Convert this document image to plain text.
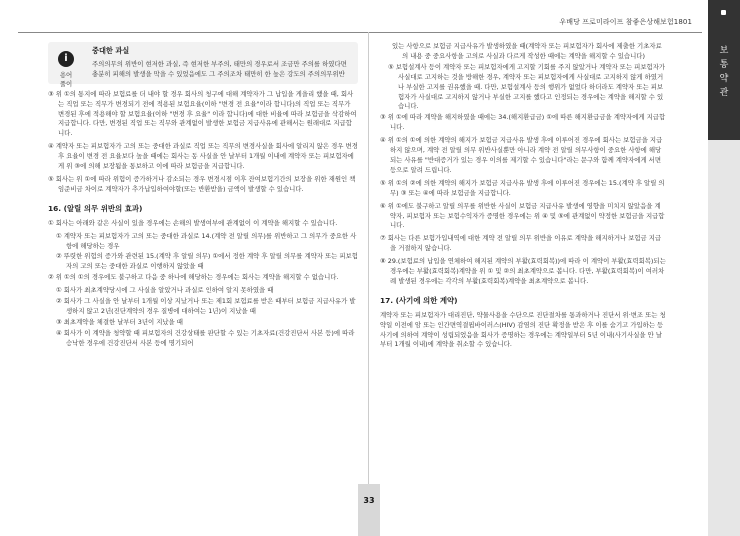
우배당 프로미라이프 참좋은상해보험1801
보
통
약
관
i
용어
풀이
중대한 과실
주의의무의 위반이 현저한 과실, 즉 현저한 부주의, 태만의 경우로서 조금만 주의를 하였다면 충분히 피해의 발생을 막을 수 있었음에도 그 주의조차 태만히 한 높은 강도의 주의의무위반
③ 위 ①의 통지에 따라 보험료를 더 내야 할 경우 회사의 청구에 대해 계약자가 그 납입을 게을리 했을 때, 회사는 직업 또는 직무가 변경되기 전에 적용된 보험요율(이하 "변경 전 요율"이라 합니다)의 직업 또는 직무가 변경된 후에 적용해야 할 보험요율(이하 "변경 후 요율" 이라 합니다)에 대한 비율에 따라 보험금을 삭감하여 지급합니다. 다만, 변경된 직업 또는 직무와 관계없이 발생한 보험금 지급사유에 관해서는 원래대로 지급합니다.
④ 계약자 또는 피보험자가 고의 또는 중대한 과실로 직업 또는 직무의 변경사실을 회사에 알리지 않은 경우 변경 후 요율이 변경 전 요율보다 높을 때에는 회사는 동 사실을 안 날부터 1개월 이내에 계약자 또는 피보험자에게 위 ③에 의해 보장됨을 통보하고 이에 따라 보험금을 지급합니다.
⑤ 회사는 위 ①에 따라 위험이 증가하거나 감소되는 경우 변경시점 이후 잔여보험기간의 보장을 위한 재원인 책임준비금 차이로 계약자가 추가납입하여야할(또는 반환받을) 금액이 발생할 수 있습니다.
16. (알릴 의무 위반의 효과)
① 회사는 아래와 같은 사실이 있을 경우에는 손해의 발생여부에 관계없이 이 계약을 해지할 수 있습니다.
① 계약자 또는 피보험자가 고의 또는 중대한 과실로 14.(계약 전 알릴 의무)를 위반하고 그 의무가 중요한 사항에 해당하는 경우
② 뚜렷한 위험의 증가와 관련된 15.(계약 후 알릴 의무) ①에서 정한 계약 후 알릴 의무를 계약자 또는 피보험자의 고의 또는 중대한 과실로 이행하지 않았을 때
② 위 ①의 ①의 경우에도 불구하고 다음 중 하나에 해당하는 경우에는 회사는 계약을 해지할 수 없습니다.
① 회사가 최초계약당시에 그 사실을 알았거나 과실로 인하여 알지 못하였을 때
② 회사가 그 사실을 안 날부터 1개월 이상 지났거나 또는 제1회 보험료를 받은 때부터 보험금 지급사유가 발생하지 않고 2년(진단계약의 경우 질병에 대하여는 1년)이 지났을 때
③ 최초계약을 체결한 날부터 3년이 지났을 때
④ 회사가 이 계약을 청약할 때 피보험자의 건강상태를 판단할 수 있는 기초자료(건강진단서 사본 등)에 따라 승낙한 경우에 건강진단서 사본 등에 명기되어
있는 사항으로 보험금 지급사유가 발생하였을 때(계약자 또는 피보험자가 회사에 제출한 기초자료의 내용 중 중요사항을 고의로 사실과 다르게 작성한 때에는 계약을 해지할 수 있습니다)
⑤ 보험설계사 등이 계약자 또는 피보험자에게 고지할 기회를 주지 않았거나 계약자 또는 피보험자가 사실대로 고지하는 것을 방해한 경우, 계약자 또는 피보험자에게 사실대로 고지하지 않게 하였거나 부실한 고지를 권유했을 때. 다만, 보험설계사 등의 행위가 없었다 하더라도 계약자 또는 피보험자가 사실대로 고지하지 않거나 부실한 고지를 했다고 인정되는 경우에는 계약을 해지할 수 있습니다.
③ 위 ①에 따라 계약을 해지하였을 때에는 34.(해지환급금) ①에 따른 해지환급금을 계약자에게 지급합니다.
④ 위 ①의 ①에 의한 계약의 해지가 보험금 지급사유 발생 후에 이루어진 경우에 회사는 보험금을 지급하지 않으며, 계약 전 알릴 의무 위반사실뿐만 아니라 계약 전 알릴 의무사항이 중요한 사항에 해당되는 사유를 "반대증거가 있는 경우 이의를 제기할 수 있습니다"라는 문구와 함께 계약자에게 서면 등으로 알려 드립니다.
⑤ 위 ①의 ②에 의한 계약의 해지가 보험금 지급사유 발생 후에 이루어진 경우에는 15.(계약 후 알릴 의무) ③ 또는 ④에 따라 보험금을 지급합니다.
⑥ 위 ①에도 불구하고 알릴 의무를 위반한 사실이 보험금 지급사유 발생에 영향을 미치지 않았음을 계약자, 피보험자 또는 보험수익자가 증명한 경우에는 위 ④ 및 ⑤에 관계없이 약정한 보험금을 지급합니다.
⑦ 회사는 다른 보험가입내역에 대한 계약 전 알릴 의무 위반을 이유로 계약을 해지하거나 보험금 지급을 거절하지 않습니다.
⑧ 29.(보험료의 납입을 연체하여 해지된 계약의 부활(효력회복))에 따라 이 계약이 부활(효력회복)되는 경우에는 부활(효력회복)계약을 위 ① 및 ②의 최초계약으로 봅니다. 다만, 부활(효력회복)이 여러차례 발생된 경우에는 각각의 부활(효력회복)계약을 최초계약으로 봅니다.
17. (사기에 의한 계약)
계약자 또는 피보험자가 대리진단, 약물사용을 수단으로 진단절차를 통과하거나 진단서 위·변조 또는 청약일 이전에 암 또는 인간면역결핍바이러스(HIV) 감염의 진단 확정을 받은 후 이를 숨기고 가입하는 등 사기에 의하여 계약이 성립되었음을 회사가 증명하는 경우에는 계약일부터 5년 이내(사기사실을 안 날부터 1개월 이내)에 계약을 취소할 수 있습니다.
33
